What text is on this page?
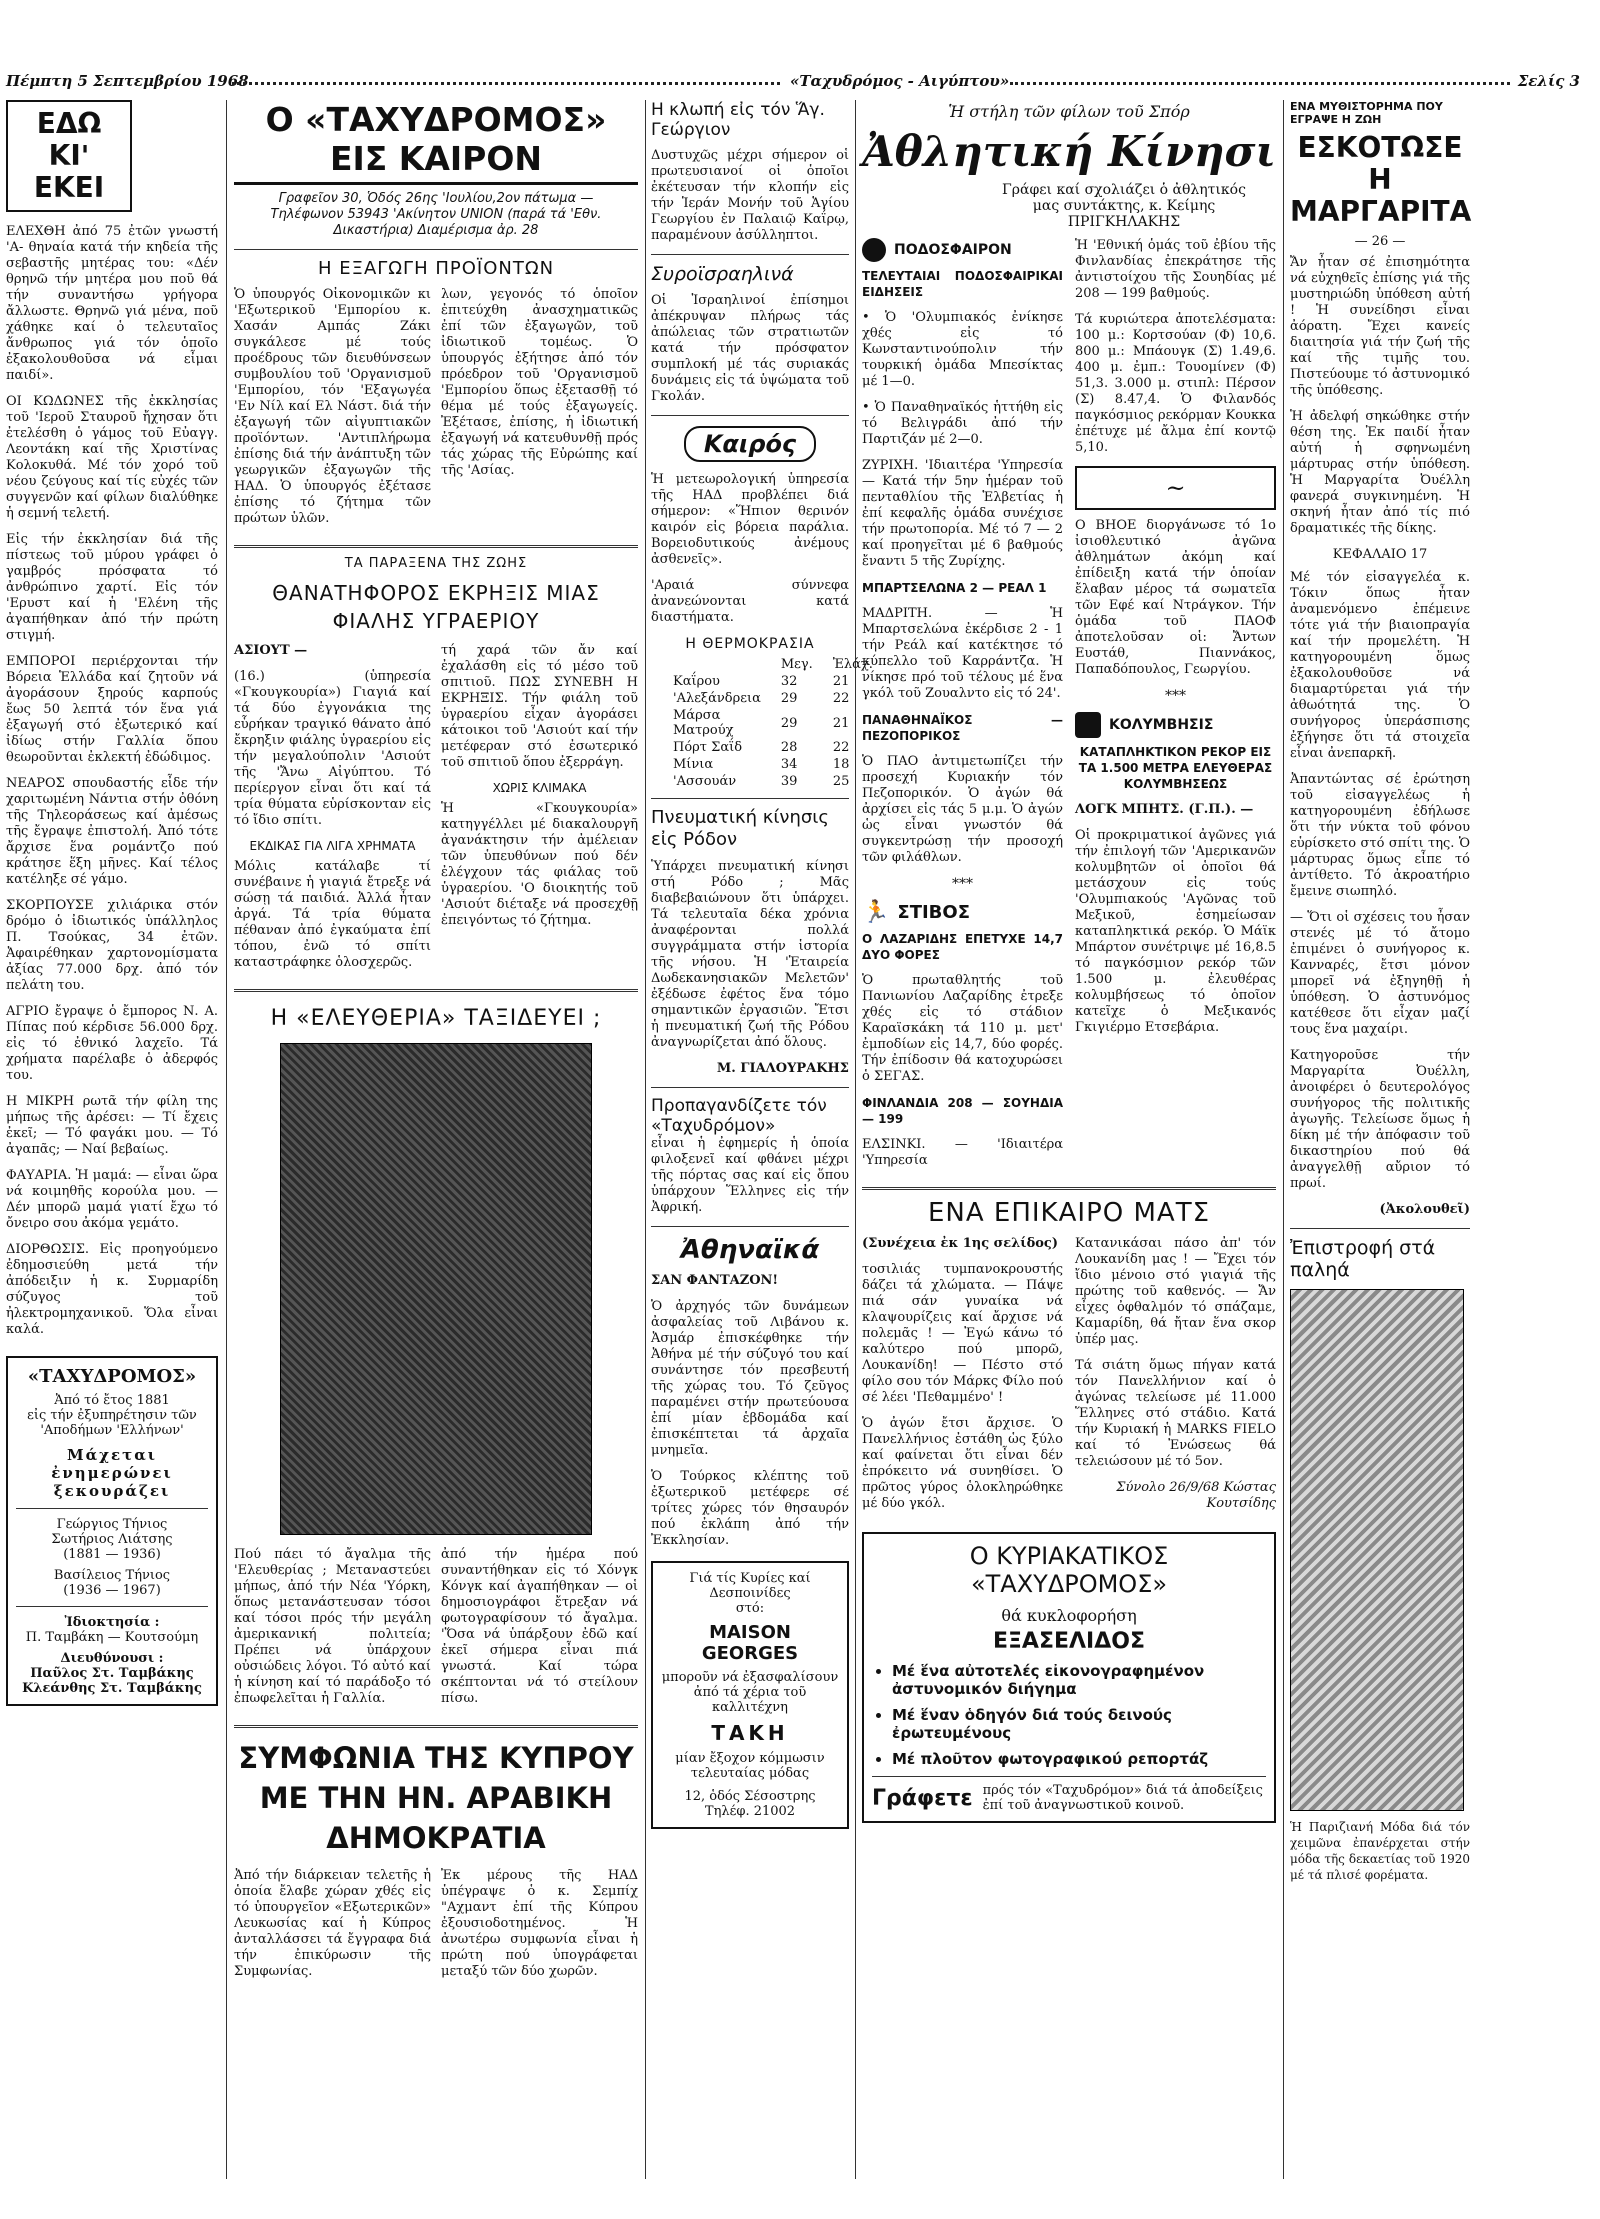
Πέμπτη 5 Σεπτεμβρίου 1968	«Ταχυδρόμος - Αιγύπτου»	Σελίς 3
ΕΔΩ ΚΙ' ΕΚΕΙ

ΕΛΕΧΘΗ ἀπό 75 ἐτῶν γνωστή 'Α- θηναία κατά τήν κηδεία τῆς σεβαστῆς μητέρας του: «Δέν θρηνῶ τήν μητέρα μου ποῦ θά τήν συναντήσω γρήγορα ἄλλωστε. Θρηνῶ γιά μένα, ποῦ χάθηκε καί ὁ τελευταῖος ἄνθρωπος γιά τόν ὁποῖο ἐξακολουθοῦσα νά εἶμαι παιδί».

ΟΙ ΚΩΔΩΝΕΣ τῆς ἐκκλησίας τοῦ 'Ιεροῦ Σταυροῦ ἤχησαν ὅτι ἐτελέσθη ὁ γάμος τοῦ Εὐαγγ. Λεοντάκη καί τῆς Χριστίνας Κολοκυθά. Μέ τόν χορό τοῦ νέου ζεύγους καί τίς εὐχές τῶν συγγενῶν καί φίλων διαλύθηκε ἡ σεμνή τελετή.

Εἰς τήν ἐκκλησίαν διά τῆς πίστεως τοῦ μύρου γράφει ὁ γαμβρός πρόσφατα τό ἀνθρώπινο χαρτί. Εἰς τόν 'Ερυστ καί ἡ 'Ελένη τῆς ἀγαπήθηκαν ἀπό τήν πρώτη στιγμή.

ΕΜΠΟΡΟΙ περιέρχονται τήν Βόρεια Ἑλλάδα καί ζητοῦν νά ἀγοράσουν ξηρούς καρπούς ἔως 50 λεπτά τόν ἕνα γιά ἐξαγωγή στό ἐξωτερικό καί ἰδίως στήν Γαλλία ὅπου θεωροῦνται ἐκλεκτή ἐδώδιμος.

ΝΕΑΡΟΣ σπουδαστής εἶδε τήν χαριτωμένη Νάντια στήν ὀθόνη τῆς Τηλεοράσεως καί ἀμέσως τῆς ἔγραψε ἐπιστολή. Ἀπό τότε ἄρχισε ἕνα ρομάντζο πού κράτησε ἕξη μῆνες. Καί τέλος κατέληξε σέ γάμο.

ΣΚΟΡΠΟΥΣΕ χιλιάρικα στόν δρόμο ὁ ἰδιωτικός ὑπάλληλος Π. Τσούκας, 34 ἐτῶν. Ἀφαιρέθηκαν χαρτονομίσματα ἀξίας 77.000 δρχ. ἀπό τόν πελάτη του.

ΑΓΡΙΟ ἔγραψε ὁ ἔμπορος Ν. Α. Πίπας πού κέρδισε 56.000 δρχ. εἰς τό ἐθνικό λαχεῖο. Τά χρήματα παρέλαβε ὁ ἀδερφός του.

Η ΜΙΚΡΗ ρωτᾶ τήν φίλη της μήπως τῆς ἀρέσει: — Τί ἔχεις ἐκεῖ; — Τό φαγάκι μου. — Τό ἀγαπᾶς; — Ναί βεβαίως.

ΦΑΥΑΡΙΑ. Ἡ μαμά: — εἶναι ὥρα νά κοιμηθῆς κορούλα μου. — Δέν μπορῶ μαμά γιατί ἔχω τό ὄνειρο σου ἀκόμα γεμάτο.

ΔΙΟΡΘΩΣΙΣ. Εἰς προηγούμενο ἐδημοσιεύθη μετά τήν ἀπόδειξιν ἡ κ. Συρμαρίδη σύζυγος τοῦ ἠλεκτρομηχανικοῦ. Ὅλα εἶναι καλά.

«ΤΑΧΥΔΡΟΜΟΣ»
Ἀπό τό ἔτος 1881
εἰς τήν ἐξυπηρέτησιν τῶν 'Αποδήμων 'Ελλήνων'
Μάχεται ἐνημερώνει ξεκουράζει
Γεώργιος Τήνιος
Σωτήριος Λιάτσης
(1881 — 1936)
Βασίλειος Τήνιος
(1936 — 1967)
Ἰδιοκτησία :
Π. Ταμβάκη — Κουτσούμη
Διευθύνουσι :
Παῦλος Στ. Ταμβάκης
Κλεάνθης Στ. Ταμβάκης
Ο «ΤΑΧΥΔΡΟΜΟΣ» ΕΙΣ ΚΑΙΡΟΝ
Γραφεῖον 30, Ὁδός 26ης 'Ιουλίου,2ον πάτωμα — Τηλέφωνον 53943 'Ακίνητον UNION (παρά τά 'Εθν. Δικαστήρια) Διαμέρισμα ἀρ. 28
Η ΕΞΑΓΩΓΗ ΠΡΟΪΟΝΤΩΝ

Ὁ ὑπουργός Οἰκονομικῶν κι 'Εξωτερικοῦ 'Εμπορίου κ. Χασάν Αμπάς Ζάκι συγκάλεσε μέ τούς προέδρους τῶν διευθύνσεων συμβουλίου τοῦ 'Οργανισμοῦ 'Εμπορίου, τόν 'Εξαγωγέα 'Εν Νίλ καί Ελ Νάστ. διά τήν ἐξαγωγή τῶν αἰγυπτιακῶν προϊόντων. 'Αντιπλήρωμα ἐπίσης διά τήν ἀνάπτυξη τῶν γεωργικῶν ἐξαγωγῶν τῆς ΗΑΔ. Ὁ ὑπουργός ἐξέτασε ἐπίσης τό ζήτημα τῶν πρώτων ὑλῶν.

λων, γεγονός τό ὁποῖον ἐπιτεύχθη ἀνασχηματικῶς ἐπί τῶν ἐξαγωγῶν, τοῦ ἰδιωτικοῦ τομέως. Ὁ ὑπουργός ἐξήτησε ἀπό τόν πρόεδρον τοῦ 'Οργανισμοῦ 'Εμπορίου ὅπως ἐξετασθῇ τό θέμα μέ τούς ἐξαγωγείς. Ἐξέτασε, ἐπίσης, ἡ ἰδιωτική ἐξαγωγή νά κατευθυνθῇ πρός τάς χώρας τῆς Εὐρώπης καί τῆς 'Ασίας.

ΤΑ ΠΑΡΑΞΕΝΑ ΤΗΣ ΖΩΗΣ
ΘΑΝΑΤΗΦΟΡΟΣ ΕΚΡΗΞΙΣ ΜΙΑΣ ΦΙΑΛΗΣ ΥΓΡΑΕΡΙΟΥ

ΑΣΙΟΥΤ —

(16.) (ὑπηρεσία «Γκουγκουρία») Γιαγιά καί τά δύο ἐγγονάκια της εὗρήκαν τραγικό θάνατο ἀπό ἔκρηξιν φιάλης ὑγραερίου εἰς τήν μεγαλούπολιν 'Ασιούτ τῆς 'Ἄνω Αἰγύπτου. Τό περίεργον εἶναι ὅτι καί τά τρία θύματα εὑρίσκονταν εἰς τό ἴδιο σπίτι.

ΕΚΔΙΚΑΣ ΓΙΑ ΛΙΓΑ ΧΡΗΜΑΤΑ

Μόλις κατάλαβε τί συνέβαινε ἡ γιαγιά ἔτρεξε νά σώσῃ τά παιδιά. Ἀλλά ἦταν ἀργά. Τά τρία θύματα πέθαναν ἀπό ἐγκαύματα ἐπί τόπου, ἐνῶ τό σπίτι καταστράφηκε ὁλοσχερῶς.

τή χαρά τῶν ἄν καί ἐχαλάσθη εἰς τό μέσο τοῦ σπιτιοῦ. ΠΩΣ ΣΥΝΕΒΗ Η ΕΚΡΗΞΙΣ. Τήν φιάλη τοῦ ὑγραερίου εἶχαν ἀγοράσει κάτοικοι τοῦ 'Ασιούτ καί τήν μετέφεραν στό ἐσωτερικό τοῦ σπιτιοῦ ὅπου ἐξερράγη.

ΧΩΡΙΣ ΚΛΙΜΑΚΑ

Ἡ «Γκουγκουρία» κατηγγέλλει μέ διακαλουργῆ ἀγανάκτησιν τήν ἀμέλειαν τῶν ὑπευθύνων πού δέν ἐλέγχουν τάς φιάλας τοῦ ὑγραερίου. 'Ο διοικητής τοῦ 'Ασιούτ διέταξε νά προσεχθῇ ἐπειγόντως τό ζήτημα.

Η «ΕΛΕΥΘΕΡΙΑ» ΤΑΞΙΔΕΥΕΙ ;

Πού πάει τό ἄγαλμα τῆς 'Ελευθερίας ; Μεταναστεύει μήπως, ἀπό τήν Νέα 'Υόρκη, ὅπως μετανάστευσαν τόσοι καί τόσοι πρός τήν μεγάλη ἀμερικανική πολιτεία; Πρέπει νά ὑπάρχουν οὐσιώδεις λόγοι. Τό αὐτό καί ἡ κίνηση καί τό παράδοξο τό ἐπωφελεῖται ἡ Γαλλία.

ἀπό τήν ἡμέρα πού συναντήθηκαν εἰς τό Χόνγκ Κόνγκ καί ἀγαπήθηκαν — οἱ δημοσιογράφοι ἔτρεξαν νά φωτογραφίσουν τό ἄγαλμα. 'Ὅσα νά ὑπάρξουν ἐδῶ καί ἐκεῖ σήμερα εἶναι πιά γνωστά. Καί τώρα σκέπτονται νά τό στείλουν πίσω.

ΣΥΜΦΩΝΙΑ ΤΗΣ ΚΥΠΡΟΥ ΜΕ ΤΗΝ ΗΝ. ΑΡΑΒΙΚΗ ΔΗΜΟΚΡΑΤΙΑ

Ἀπό τήν διάρκειαν τελετῆς ἡ ὁποία ἔλαβε χώραν χθές εἰς τό ὑπουργεῖον «Εξωτερικῶν» Λευκωσίας καί ἡ Κύπρος ἀνταλλάσσει τά ἔγγραφα διά τήν ἐπικύρωσιν τῆς Συμφωνίας.

Ἐκ μέρους τῆς ΗΑΔ ὑπέγραψε ὁ κ. Σεμπίχ "Αχμαντ ἐπί τῆς Κύπρου ἐξουσιοδοτημένος. Ἡ ἀνωτέρω συμφωνία εἶναι ἡ πρώτη πού ὑπογράφεται μεταξύ τῶν δύο χωρῶν.

Η κλωπή εἰς τόν Ἅγ. Γεώργιον

Δυστυχῶς μέχρι σήμερον οἱ πρωτευσιανοί οἱ ὁποῖοι ἐκέτευσαν τήν κλοπήν εἰς τήν Ἱεράν Μονήν τοῦ Ἁγίου Γεωργίου ἐν Παλαιῷ Καΐρῳ, παραμένουν ἀσύλληπτοι.

Συροϊσραηλινά

Οἱ Ἰσραηλινοί ἐπίσημοι ἀπέκρυψαν πλήρως τάς ἀπώλειας τῶν στρατιωτῶν κατά τήν πρόσφατον συμπλοκή μέ τάς συριακάς δυνάμεις εἰς τά ὑψώματα τοῦ Γκολάν.

Καιρός

Ἡ μετεωρολογική ὑπηρεσία τῆς ΗΑΔ προβλέπει διά σήμερον: «Ἥπιον θερινόν καιρόν εἰς βόρεια παράλια. Βορειοδυτικούς ἀνέμους ἀσθενεῖς».

'Αραιά σύννεφα ἀνανεώνονται κατά διαστήματα.

Η ΘΕΡΜΟΚΡΑΣΙΑ
	Μεγ.	Ἐλάχ.
Καΐρου	32	21
'Αλεξάνδρεια	29	22
Μάρσα Ματρούχ	29	21
Πόρτ Σαΐδ	28	22
Μίνια	34	18
'Ασσουάν	39	25
Πνευματική κίνησις εἰς Ρόδον

Ὑπάρχει πνευματική κίνησι στή Ρόδο ; Μᾶς διαβεβαιώνουν ὅτι ὑπάρχει. Τά τελευταῖα δέκα χρόνια ἀναφέρονται πολλά συγγράμματα στήν ἱστορία τῆς νήσου. Ἡ 'Ἑταιρεία Δωδεκανησιακῶν Μελετῶν' ἐξέδωσε ἐφέτος ἕνα τόμο σημαντικῶν ἐργασιῶν. Ἔτσι ἡ πνευματική ζωή τῆς Ρόδου ἀναγνωρίζεται ἀπό ὅλους.

Μ. ΓΙΑΛΟΥΡΑΚΗΣ

Προπαγανδίζετε τόν «Ταχυδρόμον»

εἶναι ἡ ἐφημερίς ἡ ὁποία φιλοξενεῖ καί φθάνει μέχρι τῆς πόρτας σας καί εἰς ὅπου ὑπάρχουν Ἕλληνες εἰς τήν Ἀφρική.

Ἀθηναϊκά

ΣΑΝ ΦΑΝΤΑΖΟΝ!

Ὁ ἀρχηγός τῶν δυνάμεων ἀσφαλείας τοῦ Λιβάνου κ. Ἀσμάρ ἐπισκέφθηκε τήν Ἀθήνα μέ τήν σύζυγό του καί συνάντησε τόν πρεσβευτή τῆς χώρας του. Τό ζεῦγος παραμένει στήν πρωτεύουσα ἐπί μίαν ἑβδομάδα καί ἐπισκέπτεται τά ἀρχαῖα μνημεῖα.

Ὁ Τούρκος κλέπτης τοῦ ἐξωτερικοῦ μετέφερε σέ τρίτες χώρες τόν θησαυρόν πού ἐκλάπη ἀπό τήν Ἐκκλησίαν.

Γιά τίς Κυρίες καί Δεσποινίδες
στό:
MAISON GEORGES
μποροῦν νά ἐξασφαλίσουν ἀπό τά χέρια τοῦ καλλιτέχνη
ΤΑΚΗ
μίαν ἔξοχον κόμμωσιν τελευταίας μόδας
12, ὁδός Σέσοστρης
Τηλέφ. 21002
Ἡ στήλη τῶν φίλων τοῦ Σπόρ
Ἀθλητική Κίνησι
Γράφει καί σχολιάζει ὁ ἀθλητικός μας συντάκτης, κ. Κείμης ΠΡΙΓΚΗΛΑΚΗΣ
ΠΟΔΟΣΦΑΙΡΟΝ

ΤΕΛΕΥΤΑΙΑΙ ΠΟΔΟΣΦΑΙΡΙΚΑΙ ΕΙΔΗΣΕΙΣ

• Ὁ 'Ολυμπιακός ἐνίκησε χθές εἰς τό Κωνσταντινούπολιν τήν τουρκική ὁμάδα Μπεσίκτας μέ 1—0.

• Ὁ Παναθηναϊκός ἡττήθη εἰς τό Βελιγράδι ἀπό τήν Παρτιζάν μέ 2—0.

ΖΥΡΙΧΗ. 'Ιδιαιτέρα 'Υπηρεσία — Κατά τήν 5ην ἡμέραν τοῦ πενταθλίου τῆς Ἑλβετίας ἡ ἐπί κεφαλῆς ὁμάδα συνέχισε τήν πρωτοπορία. Μέ τό 7 — 2 καί προηγεῖται μέ 6 βαθμούς ἔναντι 5 τῆς Ζυρίχης.

ΜΠΑΡΤΣΕΛΩΝΑ 2 — ΡΕΑΛ 1

ΜΑΔΡΙΤΗ. — Ἡ Μπαρτσελώνα ἐκέρδισε 2 - 1 τήν Ρεάλ καί κατέκτησε τό κύπελλο τοῦ Καρράντζα. Ἡ νίκησε πρό τοῦ τέλους μέ ἕνα γκόλ τοῦ Ζουαλντο εἰς τό 24'.

ΠΑΝΑΘΗΝΑΪΚΟΣ — ΠΕΖΟΠΟΡΙΚΟΣ

Ὁ ΠΑΟ ἀντιμετωπίζει τήν προσεχή Κυριακήν τόν Πεζοπορικόν. Ὁ ἀγών θά ἀρχίσει εἰς τάς 5 μ.μ. Ὁ ἀγών ὡς εἶναι γνωστόν θά συγκεντρώσῃ τήν προσοχή τῶν φιλάθλων.

***
🏃 ΣΤΙΒΟΣ

Ο ΛΑΖΑΡΙΔΗΣ ΕΠΕΤΥΧΕ 14,7 ΔΥΟ ΦΟΡΕΣ

Ὁ πρωταθλητής τοῦ Πανιωνίου Λαζαρίδης ἐτρεξε χθές εἰς τό στάδιον Καραϊσκάκη τά 110 μ. μετ' ἐμποδίων εἰς 14,7, δύο φορές. Τήν ἐπίδοσιν θά κατοχυρώσει ὁ ΣΕΓΑΣ.

ΦΙΝΛΑΝΔΙΑ 208 — ΣΟΥΗΔΙΑ — 199

ΕΛΣΙΝΚΙ. — 'Ιδιαιτέρα 'Υπηρεσία

Ἡ 'Εθνική ὁμάς τοῦ ἐβίου τῆς Φινλανδίας ἐπεκράτησε τῆς ἀντιστοίχου τῆς Σουηδίας μέ 208 — 199 βαθμούς.

Τά κυριώτερα ἀποτελέσματα: 100 μ.: Κορτσούαν (Φ) 10,6. 800 μ.: Μπάουγκ (Σ) 1.49,6. 400 μ. ἐμπ.: Τουομίνεν (Φ) 51,3. 3.000 μ. στιπλ: Πέρσον (Σ) 8.47,4. Ὁ Φιλανδός παγκόσμιος ρεκόρμαν Κουκκα ἐπέτυχε μέ ἄλμα ἐπί κοντῷ 5,10.

~

Ο ΒΗΟΕ διοργάνωσε τό 1ο ἰσιοθλευτικό ἀγῶνα ἀθλημάτων ἀκόμη καί ἐπίδειξη κατά τήν ὁποίαν ἔλαβαν μέρος τά σωματεῖα τῶν Εφέ καί Ντράγκον. Τήν ὁμάδα τοῦ ΠΑΟΦ ἀποτελοῦσαν οἱ: Ἄντων Ευστάθ, Πιαννάκος, Παπαδόπουλος, Γεωργίου.

***
ΚΟΛΥΜΒΗΣΙΣ

ΚΑΤΑΠΛΗΚΤΙΚΟΝ ΡΕΚΟΡ ΕΙΣ ΤΑ 1.500 ΜΕΤΡΑ ΕΛΕΥΘΕΡΑΣ ΚΟΛΥΜΒΗΣΕΩΣ

ΛΟΓΚ ΜΠΗΤΣ. (Γ.Π.). —

Οἱ προκριματικοί ἀγῶνες γιά τήν ἐπιλογή τῶν 'Αμερικανῶν κολυμβητῶν οἱ ὁποῖοι θά μετάσχουν εἰς τούς 'Ολυμπιακούς 'Αγῶνας τοῦ Μεξικοῦ, ἐσημείωσαν καταπληκτικά ρεκόρ. Ὁ Μάϊκ Μπάρτον συνέτριψε μέ 16,8.5 τό παγκόσμιον ρεκόρ τῶν 1.500 μ. ἐλευθέρας κολυμβήσεως τό ὁποῖον κατεῖχε ὁ Μεξικανός Γκιγιέρμο Ετσεβάρια.

ΕΝΑ ΕΠΙΚΑΙΡΟ ΜΑΤΣ

(Συνέχεια ἐκ 1ης σελίδος)

τοσιλιάς τυμπανοκρουστής δάζει τά χλώματα. — Πάψε πιά σάν γυναίκα νά κλαψουρίζεις καί ἄρχισε νά πολεμᾶς ! — Ἐγώ κάνω τό καλύτερο πού μπορῶ, Λουκανίδη! — Πέστο στό φίλο σου τόν Μάρκς Φίλο πού σέ λέει 'Πεθαμμένο' !

Ὁ ἀγών ἔτσι ἄρχισε. Ὁ Πανελλήνιος ἐστάθη ὡς ξύλο καί φαίνεται ὅτι εἶναι δέν ἐπρόκειτο νά συνηθίσει. Ὁ πρῶτος γύρος ὁλοκληρώθηκε μέ δύο γκόλ.

Κατανικάσαι πάσο ἀπ' τόν Λουκανίδη μας ! — Ἔχει τόν ἴδιο μένοιο στό γιαγιά τῆς πρώτης τοῦ καθενός. — Ἄν εἶχες ὀφθαλμόν τό σπάζαμε, Καμαρίδη, θά ἤταν ἕνα σκορ ὑπέρ μας.

Τά σιάτη ὅμως πήγαν κατά τόν Πανελλήνιον καί ὁ ἀγώνας τελείωσε μέ 11.000 Ἕλληνες στό στάδιο. Κατά τήν Κυριακή ἡ MARKS FIELO καί τό Ἐνώσεως θά τελειώσουν μέ τό 5ον.

Σύνολο 26/9/68 Κώστας Κουτσίδης

Ο ΚΥΡΙΑΚΑΤΙΚΟΣ
«ΤΑΧΥΔΡΟΜΟΣ»
θά κυκλοφορήση
ΕΞΑΣΕΛΙΔΟΣ
• Μέ ἕνα αὐτοτελές εἰκονογραφημένον ἀστυνομικόν διήγημα
• Μέ ἕναν ὁδηγόν διά τούς δεινούς ἐρωτευμένους
• Μέ πλοῦτον φωτογραφικού ρεπορτάζ
Γράφετε πρός τόν «Ταχυδρόμον» διά τά ἀποδείξεις ἐπί τοῦ ἀναγνωστικοῦ κοινοῦ.
ΕΝΑ ΜΥΘΙΣΤΟΡΗΜΑ ΠΟΥ ΕΓΡΑΨΕ Η ΖΩΗ
ΕΣΚΟΤΩΣΕ Η ΜΑΡΓΑΡΙΤΑ
— 26 —

Ἄν ἦταν σέ ἐπισημότητα νά εὐχηθεῖς ἐπίσης γιά τῆς μυστηριώδη ὑπόθεση αὐτή ! Ἡ συνείδησι εἶναι ἀόρατη. Ἔχει κανείς διαιτησία γιά τήν ζωή τῆς καί τῆς τιμῆς του. Πιστεύουμε τό ἀστυνομικό τῆς ὑπόθεσης.

Ἡ ἀδελφή σηκώθηκε στήν θέση της. Ἐκ παιδί ἦταν αὐτή ἡ σφηνωμένη μάρτυρας στήν ὑπόθεση. Ἡ Μαργαρίτα Ὀυέλλη φανερά συγκινημένη. Ἡ σκηνή ἦταν ἀπό τίς πιό δραματικές τῆς δίκης.

ΚΕΦΑΛΑΙΟ 17

Μέ τόν εἰσαγγελέα κ. Τόκιν ὅπως ἦταν ἀναμενόμενο ἐπέμεινε τότε γιά τήν βιαιοπραγία καί τήν προμελέτη. Ἡ κατηγορουμένη ὅμως ἐξακολουθοῦσε νά διαμαρτύρεται γιά τήν ἀθωότητά της. Ὁ συνήγορος ὑπεράσπισης ἐξήγησε ὅτι τά στοιχεῖα εἶναι ἀνεπαρκῆ.

Ἀπαντώντας σέ ἐρώτηση τοῦ εἰσαγγελέως ἡ κατηγορουμένη ἐδήλωσε ὅτι τήν νύκτα τοῦ φόνου εὑρίσκετο στό σπίτι της. Ὁ μάρτυρας ὅμως εἶπε τό ἀντίθετο. Τό ἀκροατήριο ἔμεινε σιωπηλό.

— Ὅτι οἱ σχέσεις του ἦσαν στενές μέ τό ἄτομο ἐπιμένει ὁ συνήγορος κ. Κανναρές, ἔτσι μόνον μπορεῖ νά ἐξηγηθῇ ἡ ὑπόθεση. Ὁ ἀστυνόμος κατέθεσε ὅτι εἶχαν μαζί τους ἕνα μαχαίρι.

Κατηγοροῦσε τήν Μαργαρίτα Ὀυέλλη, ἀνοιφέρει ὁ δευτερολόγος συνήγορος τῆς πολιτικῆς ἀγωγῆς. Τελείωσε ὅμως ἡ δίκη μέ τήν ἀπόφασιν τοῦ δικαστηρίου πού θά ἀναγγελθῇ αὔριον τό πρωί.

(Ἀκολουθεῖ)

Ἐπιστροφή στά παληά

Ἡ Παριζιανή Μόδα διά τόν χειμῶνα ἐπανέρχεται στήν μόδα τῆς δεκαετίας τοῦ 1920 μέ τά πλισέ φορέματα.
